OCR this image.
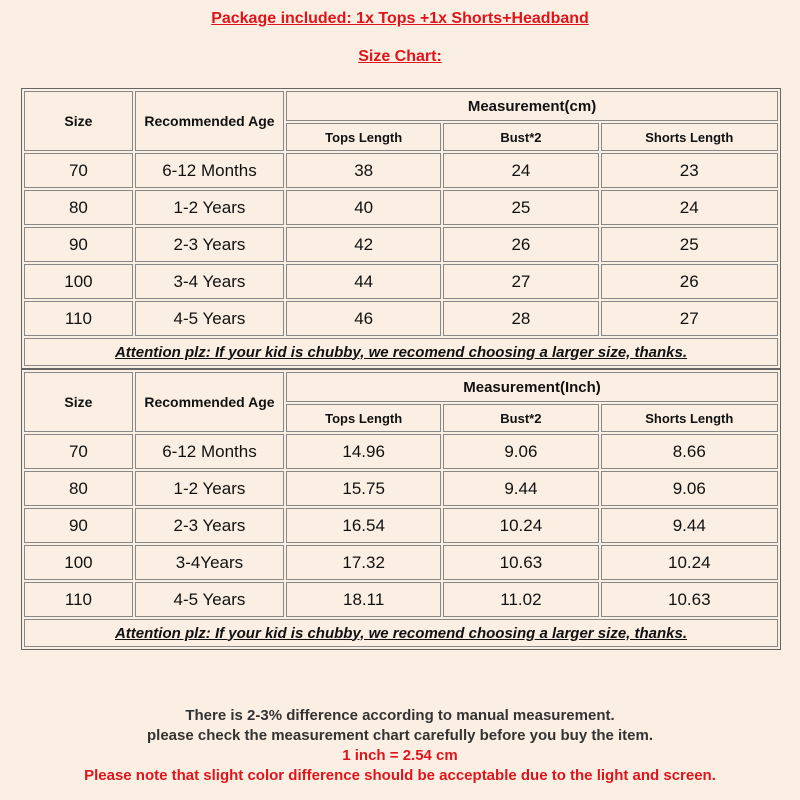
Package included: 1x Tops +1x Shorts+Headband
Size Chart:
Size	Recommended Age	Measurement(cm)		
		Tops Length	Bust*2	Shorts Length
70	6-12 Months	38	24	23
80	1-2 Years	40	25	24
90	2-3 Years	42	26	25
100	3-4 Years	44	27	26
110	4-5 Years	46	28	27
Attention plz: If your kid is chubby, we recomend choosing a larger size, thanks.				
Size	Recommended Age	Measurement(Inch)		
		Tops Length	Bust*2	Shorts Length
70	6-12 Months	14.96	9.06	8.66
80	1-2 Years	15.75	9.44	9.06
90	2-3 Years	16.54	10.24	9.44
100	3-4Years	17.32	10.63	10.24
110	4-5 Years	18.11	11.02	10.63
Attention plz: If your kid is chubby, we recomend choosing a larger size, thanks.				
There is 2-3% difference according to manual measurement.
please check the measurement chart carefully before you buy the item.
1 inch = 2.54 cm
Please note that slight color difference should be acceptable due to the light and screen.
